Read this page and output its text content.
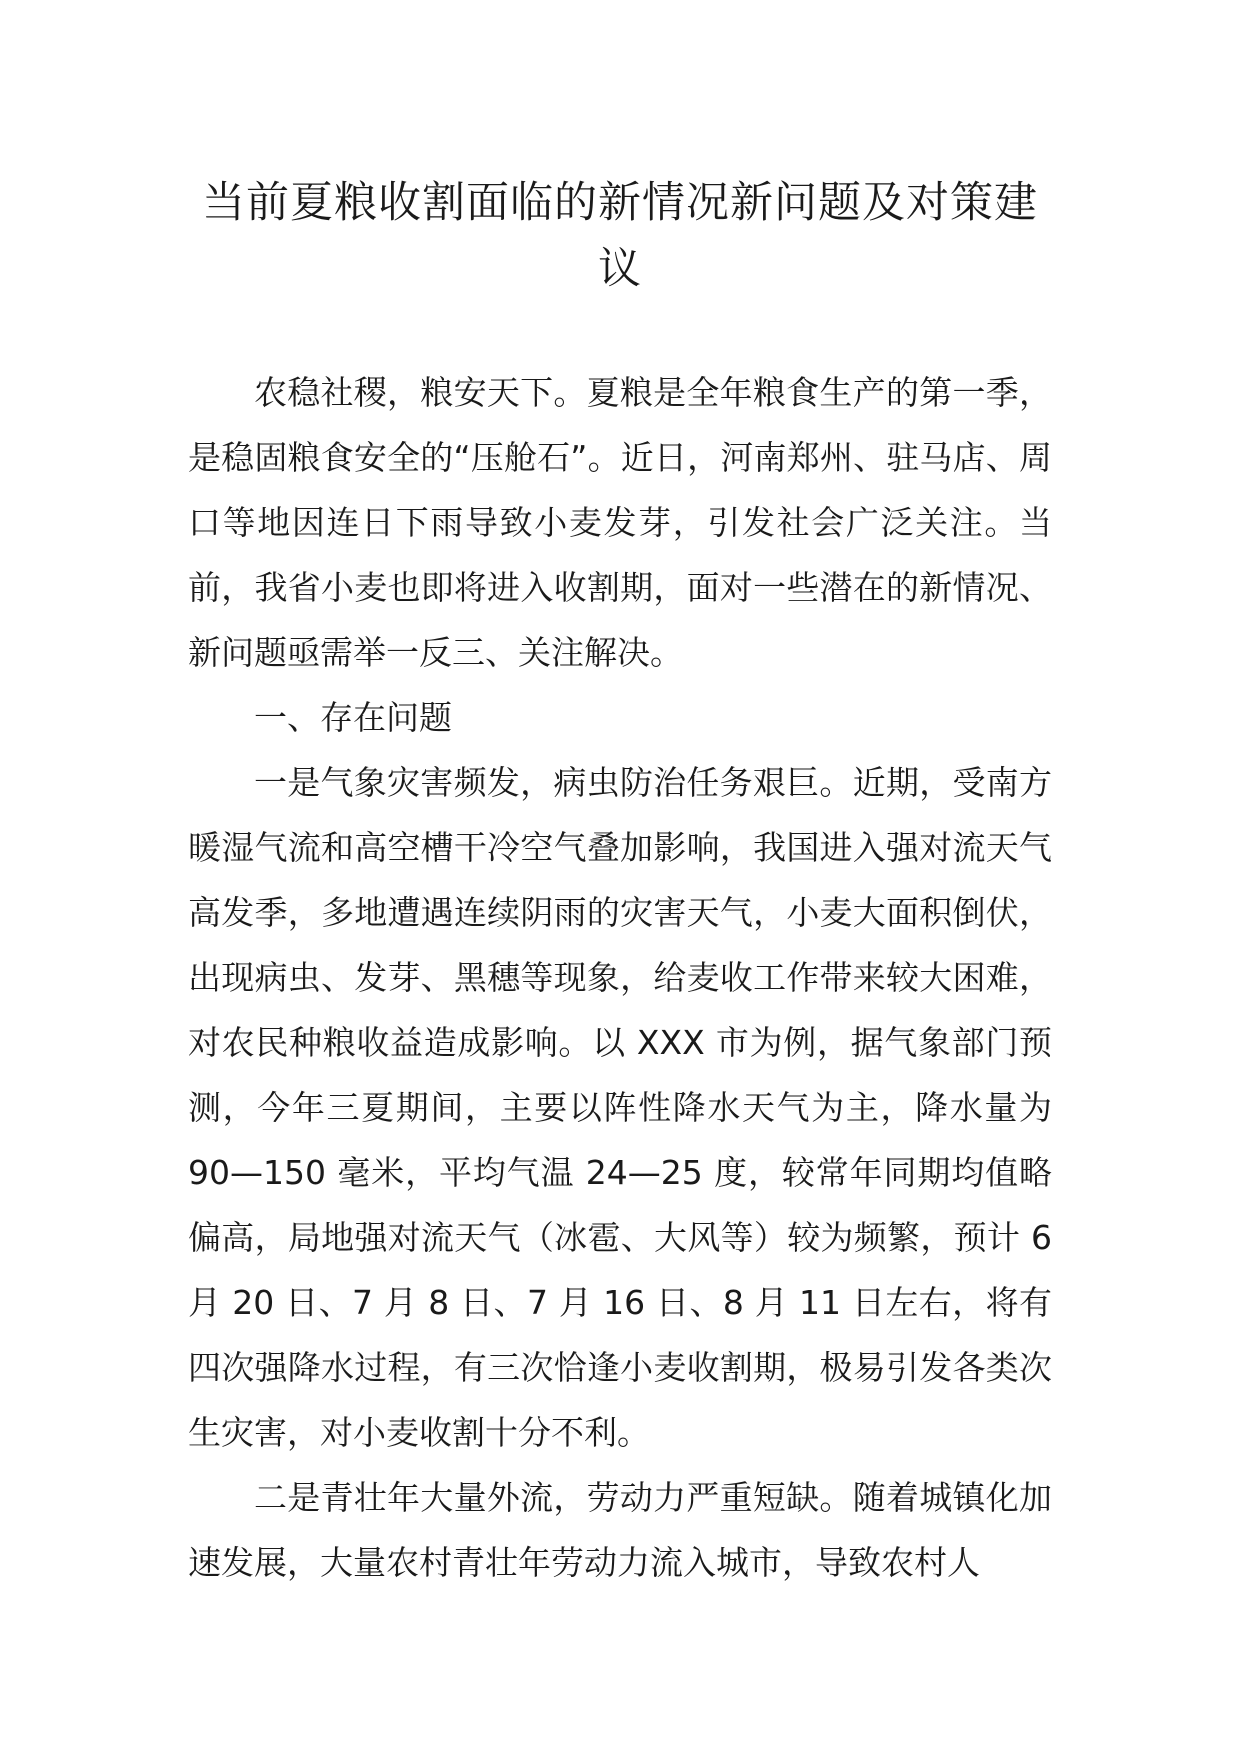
当前夏粮收割面临的新情况新问题及对策建议

农稳社稷，粮安天下。夏粮是全年粮食生产的第一季，是稳固粮食安全的“压舱石”。近日，河南郑州、驻马店、周口等地因连日下雨导致小麦发芽，引发社会广泛关注。当前，我省小麦也即将进入收割期，面对一些潜在的新情况、新问题亟需举一反三、关注解决。

一、存在问题

一是气象灾害频发，病虫防治任务艰巨。近期，受南方暖湿气流和高空槽干冷空气叠加影响，我国进入强对流天气高发季，多地遭遇连续阴雨的灾害天气，小麦大面积倒伏，出现病虫、发芽、黑穗等现象，给麦收工作带来较大困难，对农民种粮收益造成影响。以 XXX 市为例，据气象部门预测，今年三夏期间，主要以阵性降水天气为主，降水量为 90—150 毫米，平均气温 24—25 度，较常年同期均值略偏高，局地强对流天气（冰雹、大风等）较为频繁，预计 6 月 20 日、7 月 8 日、7 月 16 日、8 月 11 日左右，将有四次强降水过程，有三次恰逢小麦收割期，极易引发各类次生灾害，对小麦收割十分不利。

二是青壮年大量外流，劳动力严重短缺。随着城镇化加速发展，大量农村青壮年劳动力流入城市，导致农村人
